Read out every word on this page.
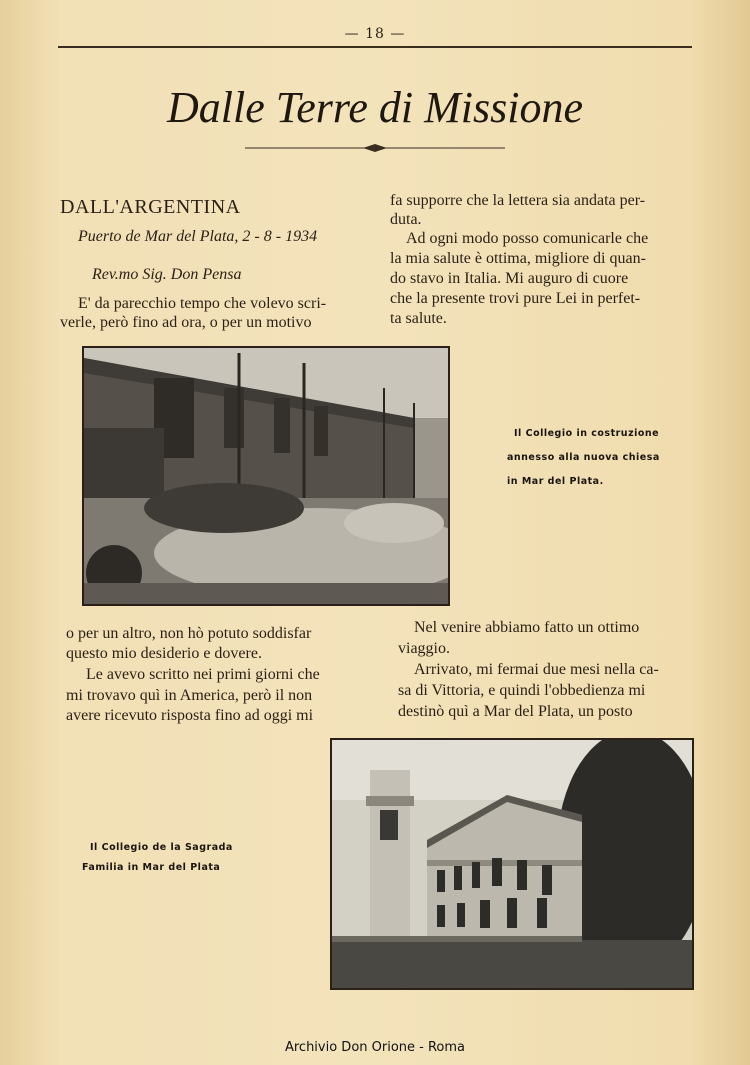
— 18 —
Dalle Terre di Missione
DALL'ARGENTINA
Puerto de Mar del Plata, 2 - 8 - 1934
Rev.mo Sig. Don Pensa
E' da parecchio tempo che volevo scri-
verle, però fino ad ora, o per un motivo
fa supporre che la lettera sia andata per-
duta.
Ad ogni modo posso comunicarle che
la mia salute è ottima, migliore di quan-
do stavo in Italia. Mi auguro di cuore
che la presente trovi pure Lei in perfet-
ta salute.
Il Collegio in costruzione
annesso alla nuova chiesa
in Mar del Plata.
o per un altro, non hò potuto soddisfar
questo mio desiderio e dovere.
Le avevo scritto nei primi giorni che
mi trovavo quì in America, però il non
avere ricevuto risposta fino ad oggi mi
Nel venire abbiamo fatto un ottimo
viaggio.
Arrivato, mi fermai due mesi nella ca-
sa di Vittoria, e quindi l'obbedienza mi
destinò quì a Mar del Plata, un posto
Il Collegio de la Sagrada
Familia in Mar del Plata
Archivio Don Orione - Roma
